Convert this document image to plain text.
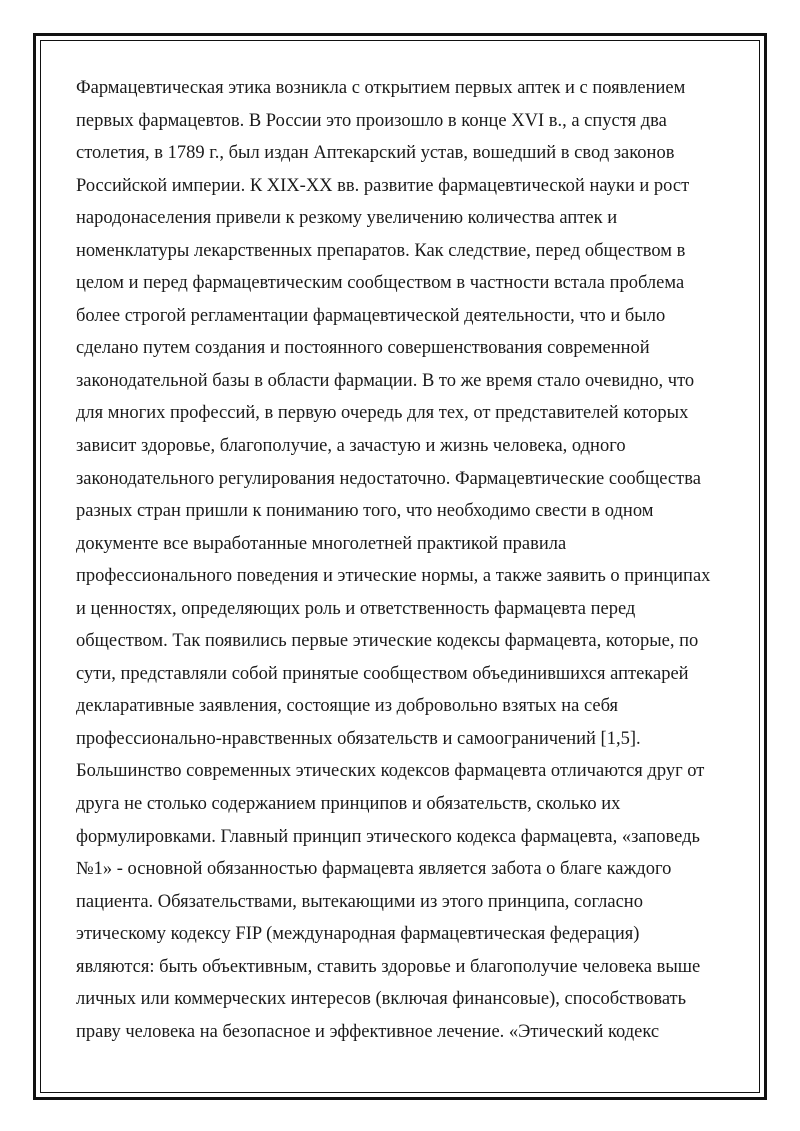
Фармацевтическая этика возникла с открытием первых аптек и с появлением
первых фармацевтов. В России это произошло в конце XVI в., а спустя два
столетия, в 1789 г., был издан Аптекарский устав, вошедший в свод законов
Российской империи. К XIX-XX вв. развитие фармацевтической науки и рост
народонаселения привели к резкому увеличению количества аптек и
номенклатуры лекарственных препаратов. Как следствие, перед обществом в
целом и перед фармацевтическим сообществом в частности встала проблема
более строгой регламентации фармацевтической деятельности, что и было
сделано путем создания и постоянного совершенствования современной
законодательной базы в области фармации. В то же время стало очевидно, что
для многих профессий, в первую очередь для тех, от представителей которых
зависит здоровье, благополучие, а зачастую и жизнь человека, одного
законодательного регулирования недостаточно. Фармацевтические сообщества
разных стран пришли к пониманию того, что необходимо свести в одном
документе все выработанные многолетней практикой правила
профессионального поведения и этические нормы, а также заявить о принципах
и ценностях, определяющих роль и ответственность фармацевта перед
обществом. Так появились первые этические кодексы фармацевта, которые, по
сути, представляли собой принятые сообществом объединившихся аптекарей
декларативные заявления, состоящие из добровольно взятых на себя
профессионально-нравственных обязательств и самоограничений [1,5].
Большинство современных этических кодексов фармацевта отличаются друг от
друга не столько содержанием принципов и обязательств, сколько их
формулировками. Главный принцип этического кодекса фармацевта, «заповедь
№1» - основной обязанностью фармацевта является забота о благе каждого
пациента. Обязательствами, вытекающими из этого принципа, согласно
этическому кодексу FIP (международная фармацевтическая федерация)
являются: быть объективным, ставить здоровье и благополучие человека выше
личных или коммерческих интересов (включая финансовые), способствовать
праву человека на безопасное и эффективное лечение. «Этический кодекс
